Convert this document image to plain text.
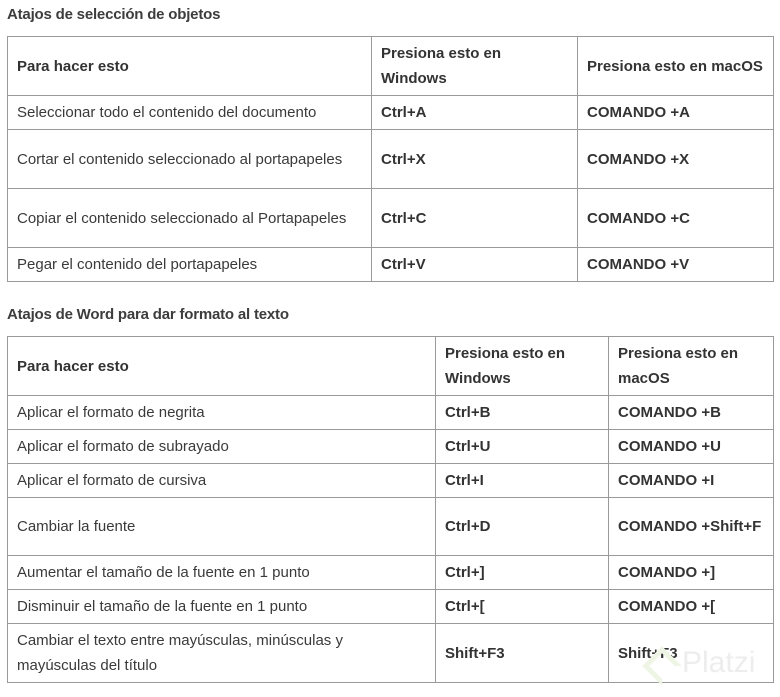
Atajos de selección de objetos
Para hacer esto	Presiona esto en Windows	Presiona esto en macOS
Seleccionar todo el contenido del documento	Ctrl+A	COMANDO +A
Cortar el contenido seleccionado al portapapeles	Ctrl+X	COMANDO +X
Copiar el contenido seleccionado al Portapapeles	Ctrl+C	COMANDO +C
Pegar el contenido del portapapeles	Ctrl+V	COMANDO +V
Atajos de Word para dar formato al texto
Para hacer esto	Presiona esto en Windows	Presiona esto en macOS
Aplicar el formato de negrita	Ctrl+B	COMANDO +B
Aplicar el formato de subrayado	Ctrl+U	COMANDO +U
Aplicar el formato de cursiva	Ctrl+I	COMANDO +I
Cambiar la fuente	Ctrl+D	COMANDO +Shift+F
Aumentar el tamaño de la fuente en 1 punto	Ctrl+]	COMANDO +]
Disminuir el tamaño de la fuente en 1 punto	Ctrl+[	COMANDO +[
Cambiar el texto entre mayúsculas, minúsculas y mayúsculas del título	Shift+F3	Shift+F3 Platzi
